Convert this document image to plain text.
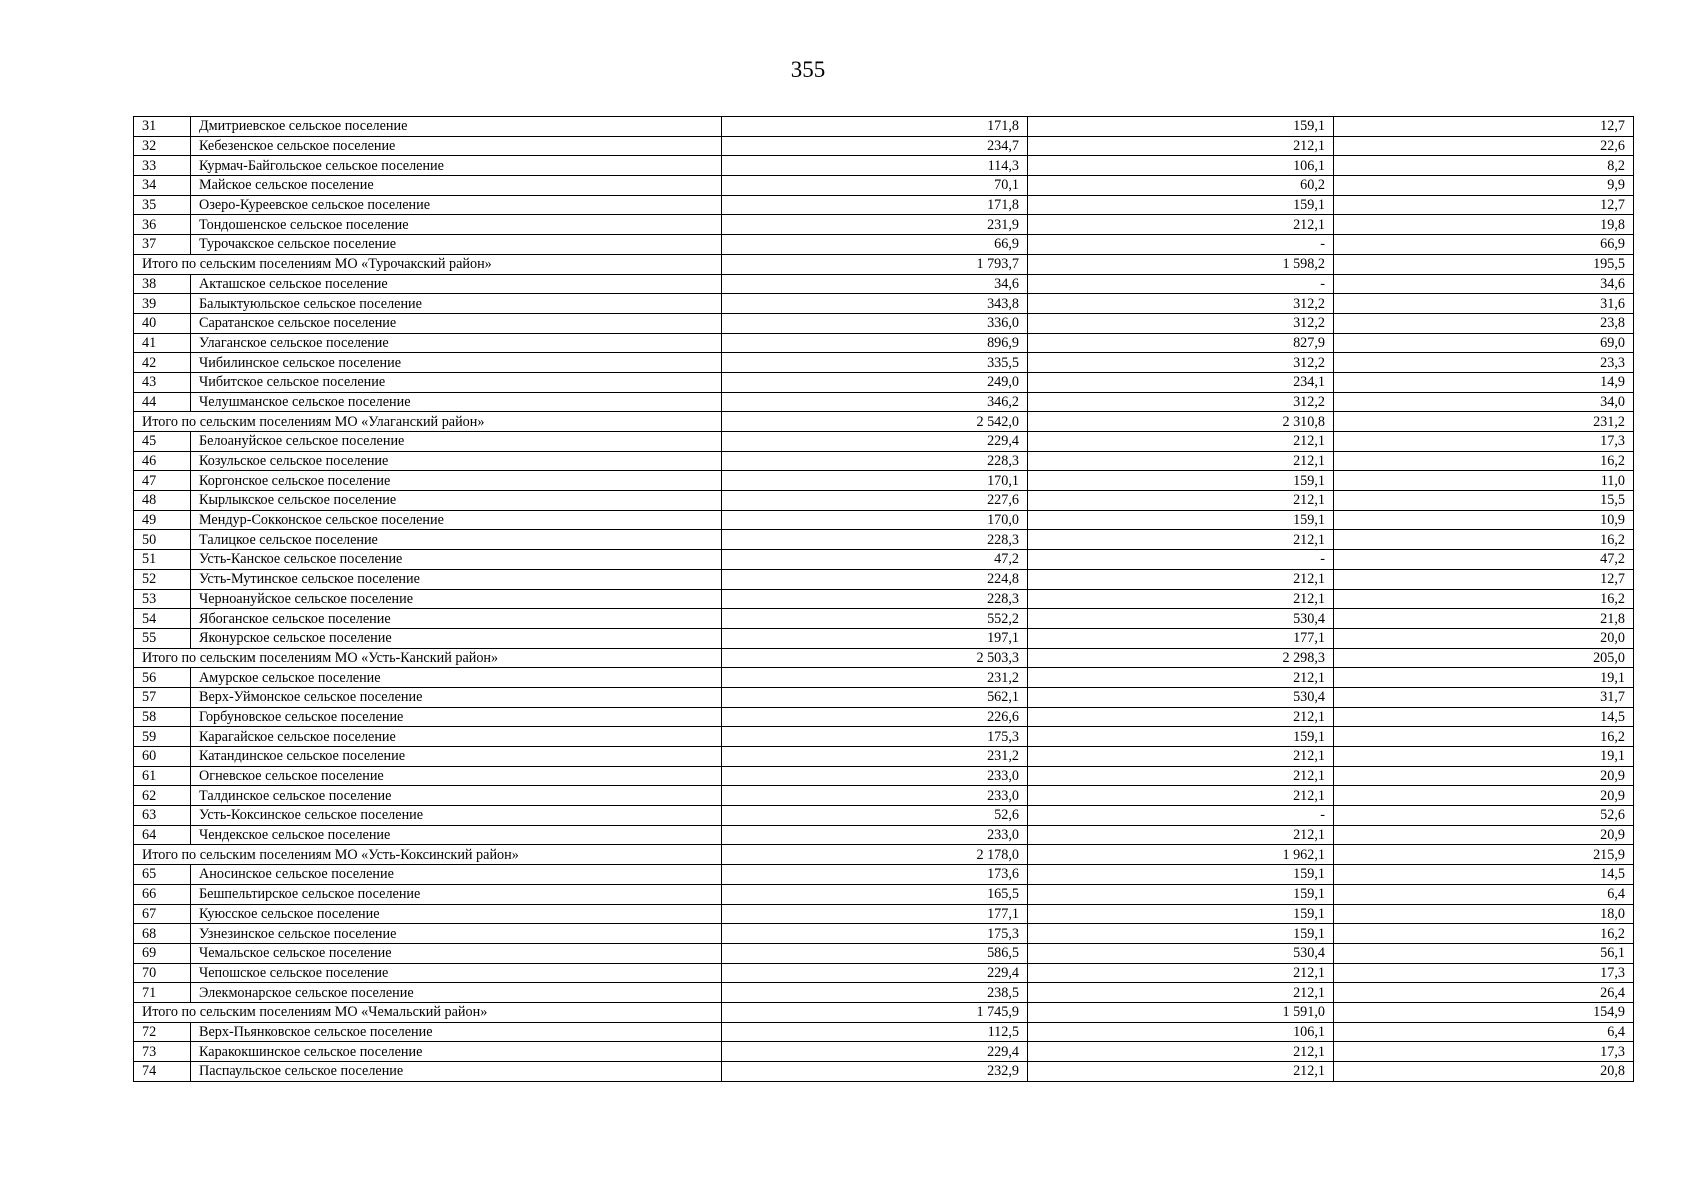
355
31	Дмитриевское сельское поселение	171,8	159,1	12,7
32	Кебезенское сельское поселение	234,7	212,1	22,6
33	Курмач-Байгольское сельское поселение	114,3	106,1	8,2
34	Майское сельское поселение	70,1	60,2	9,9
35	Озеро-Куреевское сельское поселение	171,8	159,1	12,7
36	Тондошенское сельское поселение	231,9	212,1	19,8
37	Турочакское сельское поселение	66,9	-	66,9
Итого по сельским поселениям МО «Турочакский район»		1 793,7	1 598,2	195,5
38	Акташское сельское поселение	34,6	-	34,6
39	Балыктуюльское сельское поселение	343,8	312,2	31,6
40	Саратанское сельское поселение	336,0	312,2	23,8
41	Улаганское сельское поселение	896,9	827,9	69,0
42	Чибилинское сельское поселение	335,5	312,2	23,3
43	Чибитское сельское поселение	249,0	234,1	14,9
44	Челушманское сельское поселение	346,2	312,2	34,0
Итого по сельским поселениям МО «Улаганский район»		2 542,0	2 310,8	231,2
45	Белоануйское сельское поселение	229,4	212,1	17,3
46	Козульское сельское поселение	228,3	212,1	16,2
47	Коргонское сельское поселение	170,1	159,1	11,0
48	Кырлыкское сельское поселение	227,6	212,1	15,5
49	Мендур-Сокконское сельское поселение	170,0	159,1	10,9
50	Талицкое сельское поселение	228,3	212,1	16,2
51	Усть-Канское сельское поселение	47,2	-	47,2
52	Усть-Мутинское сельское поселение	224,8	212,1	12,7
53	Черноануйское сельское поселение	228,3	212,1	16,2
54	Ябоганское сельское поселение	552,2	530,4	21,8
55	Яконурское сельское поселение	197,1	177,1	20,0
Итого по сельским поселениям МО «Усть-Канский район»		2 503,3	2 298,3	205,0
56	Амурское сельское поселение	231,2	212,1	19,1
57	Верх-Уймонское сельское поселение	562,1	530,4	31,7
58	Горбуновское сельское поселение	226,6	212,1	14,5
59	Карагайское сельское поселение	175,3	159,1	16,2
60	Катандинское сельское поселение	231,2	212,1	19,1
61	Огневское сельское поселение	233,0	212,1	20,9
62	Талдинское сельское поселение	233,0	212,1	20,9
63	Усть-Коксинское сельское поселение	52,6	-	52,6
64	Чендекское сельское поселение	233,0	212,1	20,9
Итого по сельским поселениям МО «Усть-Коксинский район»		2 178,0	1 962,1	215,9
65	Аносинское сельское поселение	173,6	159,1	14,5
66	Бешпельтирское сельское поселение	165,5	159,1	6,4
67	Куюсское сельское поселение	177,1	159,1	18,0
68	Узнезинское сельское поселение	175,3	159,1	16,2
69	Чемальское сельское поселение	586,5	530,4	56,1
70	Чепошское сельское поселение	229,4	212,1	17,3
71	Элекмонарское сельское поселение	238,5	212,1	26,4
Итого по сельским поселениям МО «Чемальский район»		1 745,9	1 591,0	154,9
72	Верх-Пьянковское сельское поселение	112,5	106,1	6,4
73	Каракокшинское сельское поселение	229,4	212,1	17,3
74	Паспаульское сельское поселение	232,9	212,1	20,8
